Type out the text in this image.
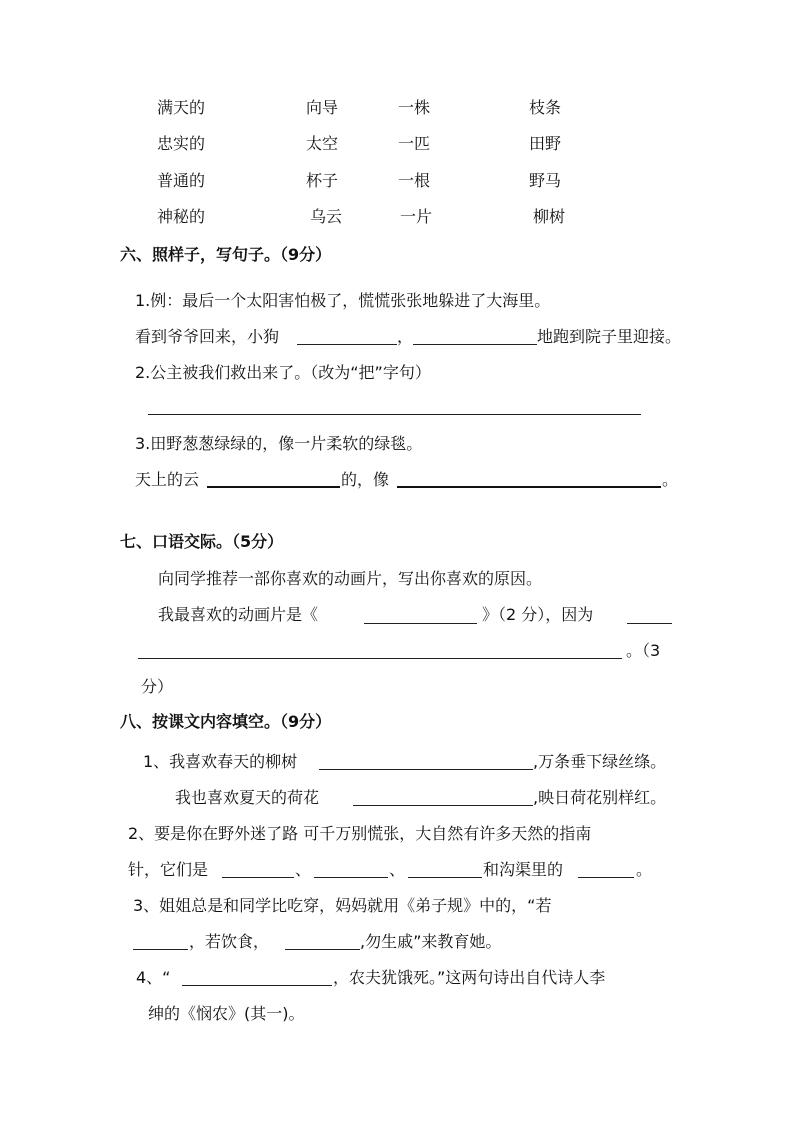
满天的	向导	一株	枝条
忠实的	太空	一匹	田野
普通的	杯子	一根	野马
神秘的	乌云	一片	柳树
六、照样子，写句子。（9分）
1.例：最后一个太阳害怕极了，慌慌张张地躲进了大海里。
看到爷爷回来，小狗	，	地跑到院子里迎接。
2.公主被我们救出来了。（改为“把”字句）
3.田野葱葱绿绿的，像一片柔软的绿毯。
天上的云	的，像	。
七、口语交际。（5分）
向同学推荐一部你喜欢的动画片，写出你喜欢的原因。
我最喜欢的动画片是《	》（2 分），因为
。（3
分）
八、按课文内容填空。（9分）
1、我喜欢春天的柳树	,万条垂下绿丝绦。
我也喜欢夏天的荷花	,映日荷花别样红。
2、要是你在野外迷了路 可千万别慌张，大自然有许多天然的指南
针，它们是	、	、	和沟渠里的	。
3、姐姐总是和同学比吃穿，妈妈就用《弟子规》中的，“若
，若饮食，	,勿生戚”来教育她。
4、“	，农夫犹饿死。”这两句诗出自代诗人李
绅的《悯农》(其一)。
